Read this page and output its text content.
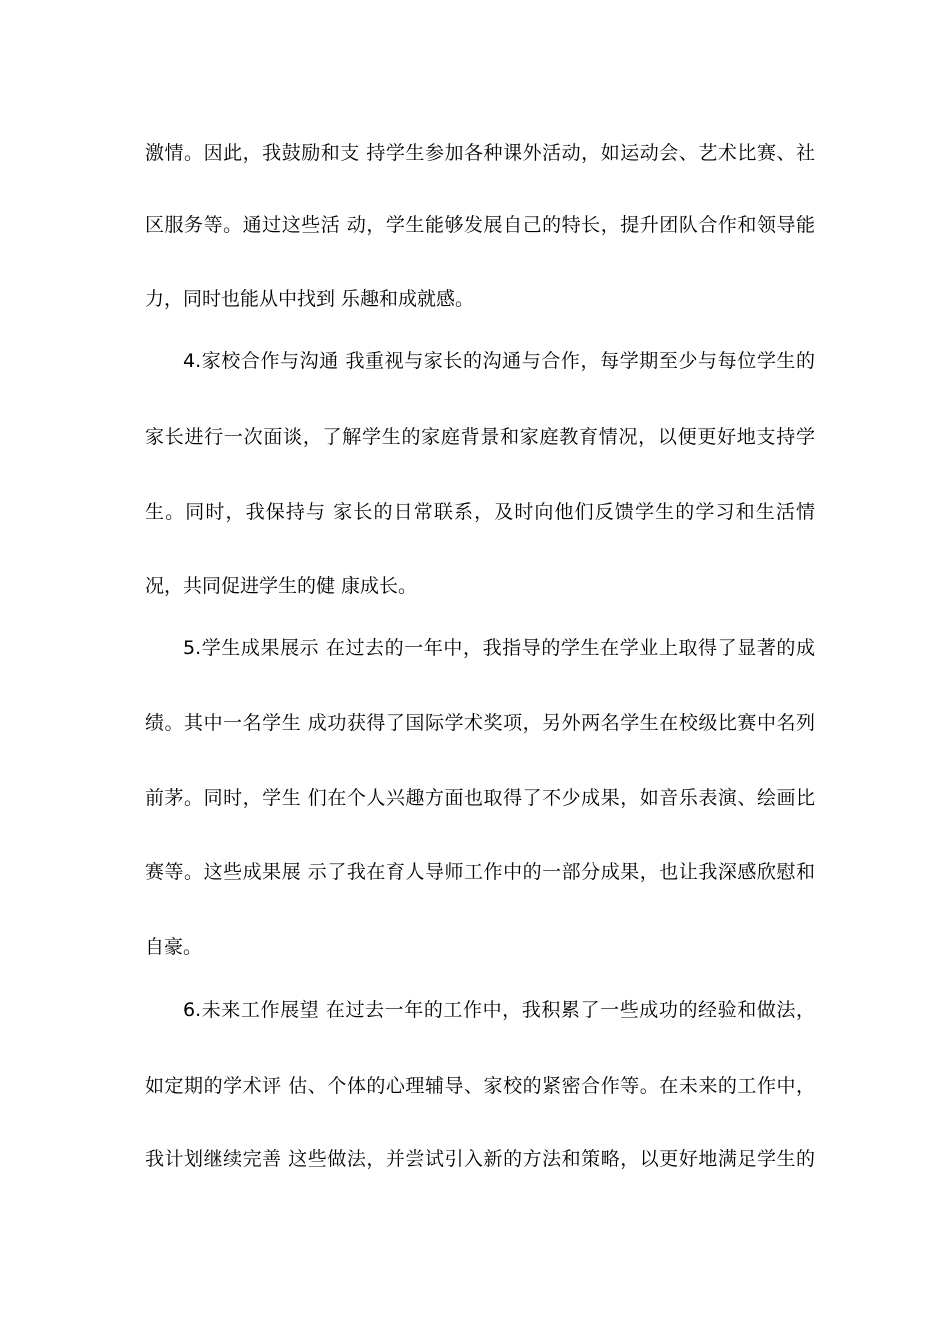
激情。因此，我鼓励和支 持学生参加各种课外活动，如运动会、艺术比赛、社
区服务等。通过这些活 动，学生能够发展自己的特长，提升团队合作和领导能
力，同时也能从中找到 乐趣和成就感。
4.家校合作与沟通 我重视与家长的沟通与合作，每学期至少与每位学生的
家长进行一次面谈，了解学生的家庭背景和家庭教育情况，以便更好地支持学
生。同时，我保持与 家长的日常联系，及时向他们反馈学生的学习和生活情
况，共同促进学生的健 康成长。
5.学生成果展示 在过去的一年中，我指导的学生在学业上取得了显著的成
绩。其中一名学生 成功获得了国际学术奖项，另外两名学生在校级比赛中名列
前茅。同时，学生 们在个人兴趣方面也取得了不少成果，如音乐表演、绘画比
赛等。这些成果展 示了我在育人导师工作中的一部分成果，也让我深感欣慰和
自豪。
6.未来工作展望 在过去一年的工作中，我积累了一些成功的经验和做法，
如定期的学术评 估、个体的心理辅导、家校的紧密合作等。在未来的工作中，
我计划继续完善 这些做法，并尝试引入新的方法和策略，以更好地满足学生的
